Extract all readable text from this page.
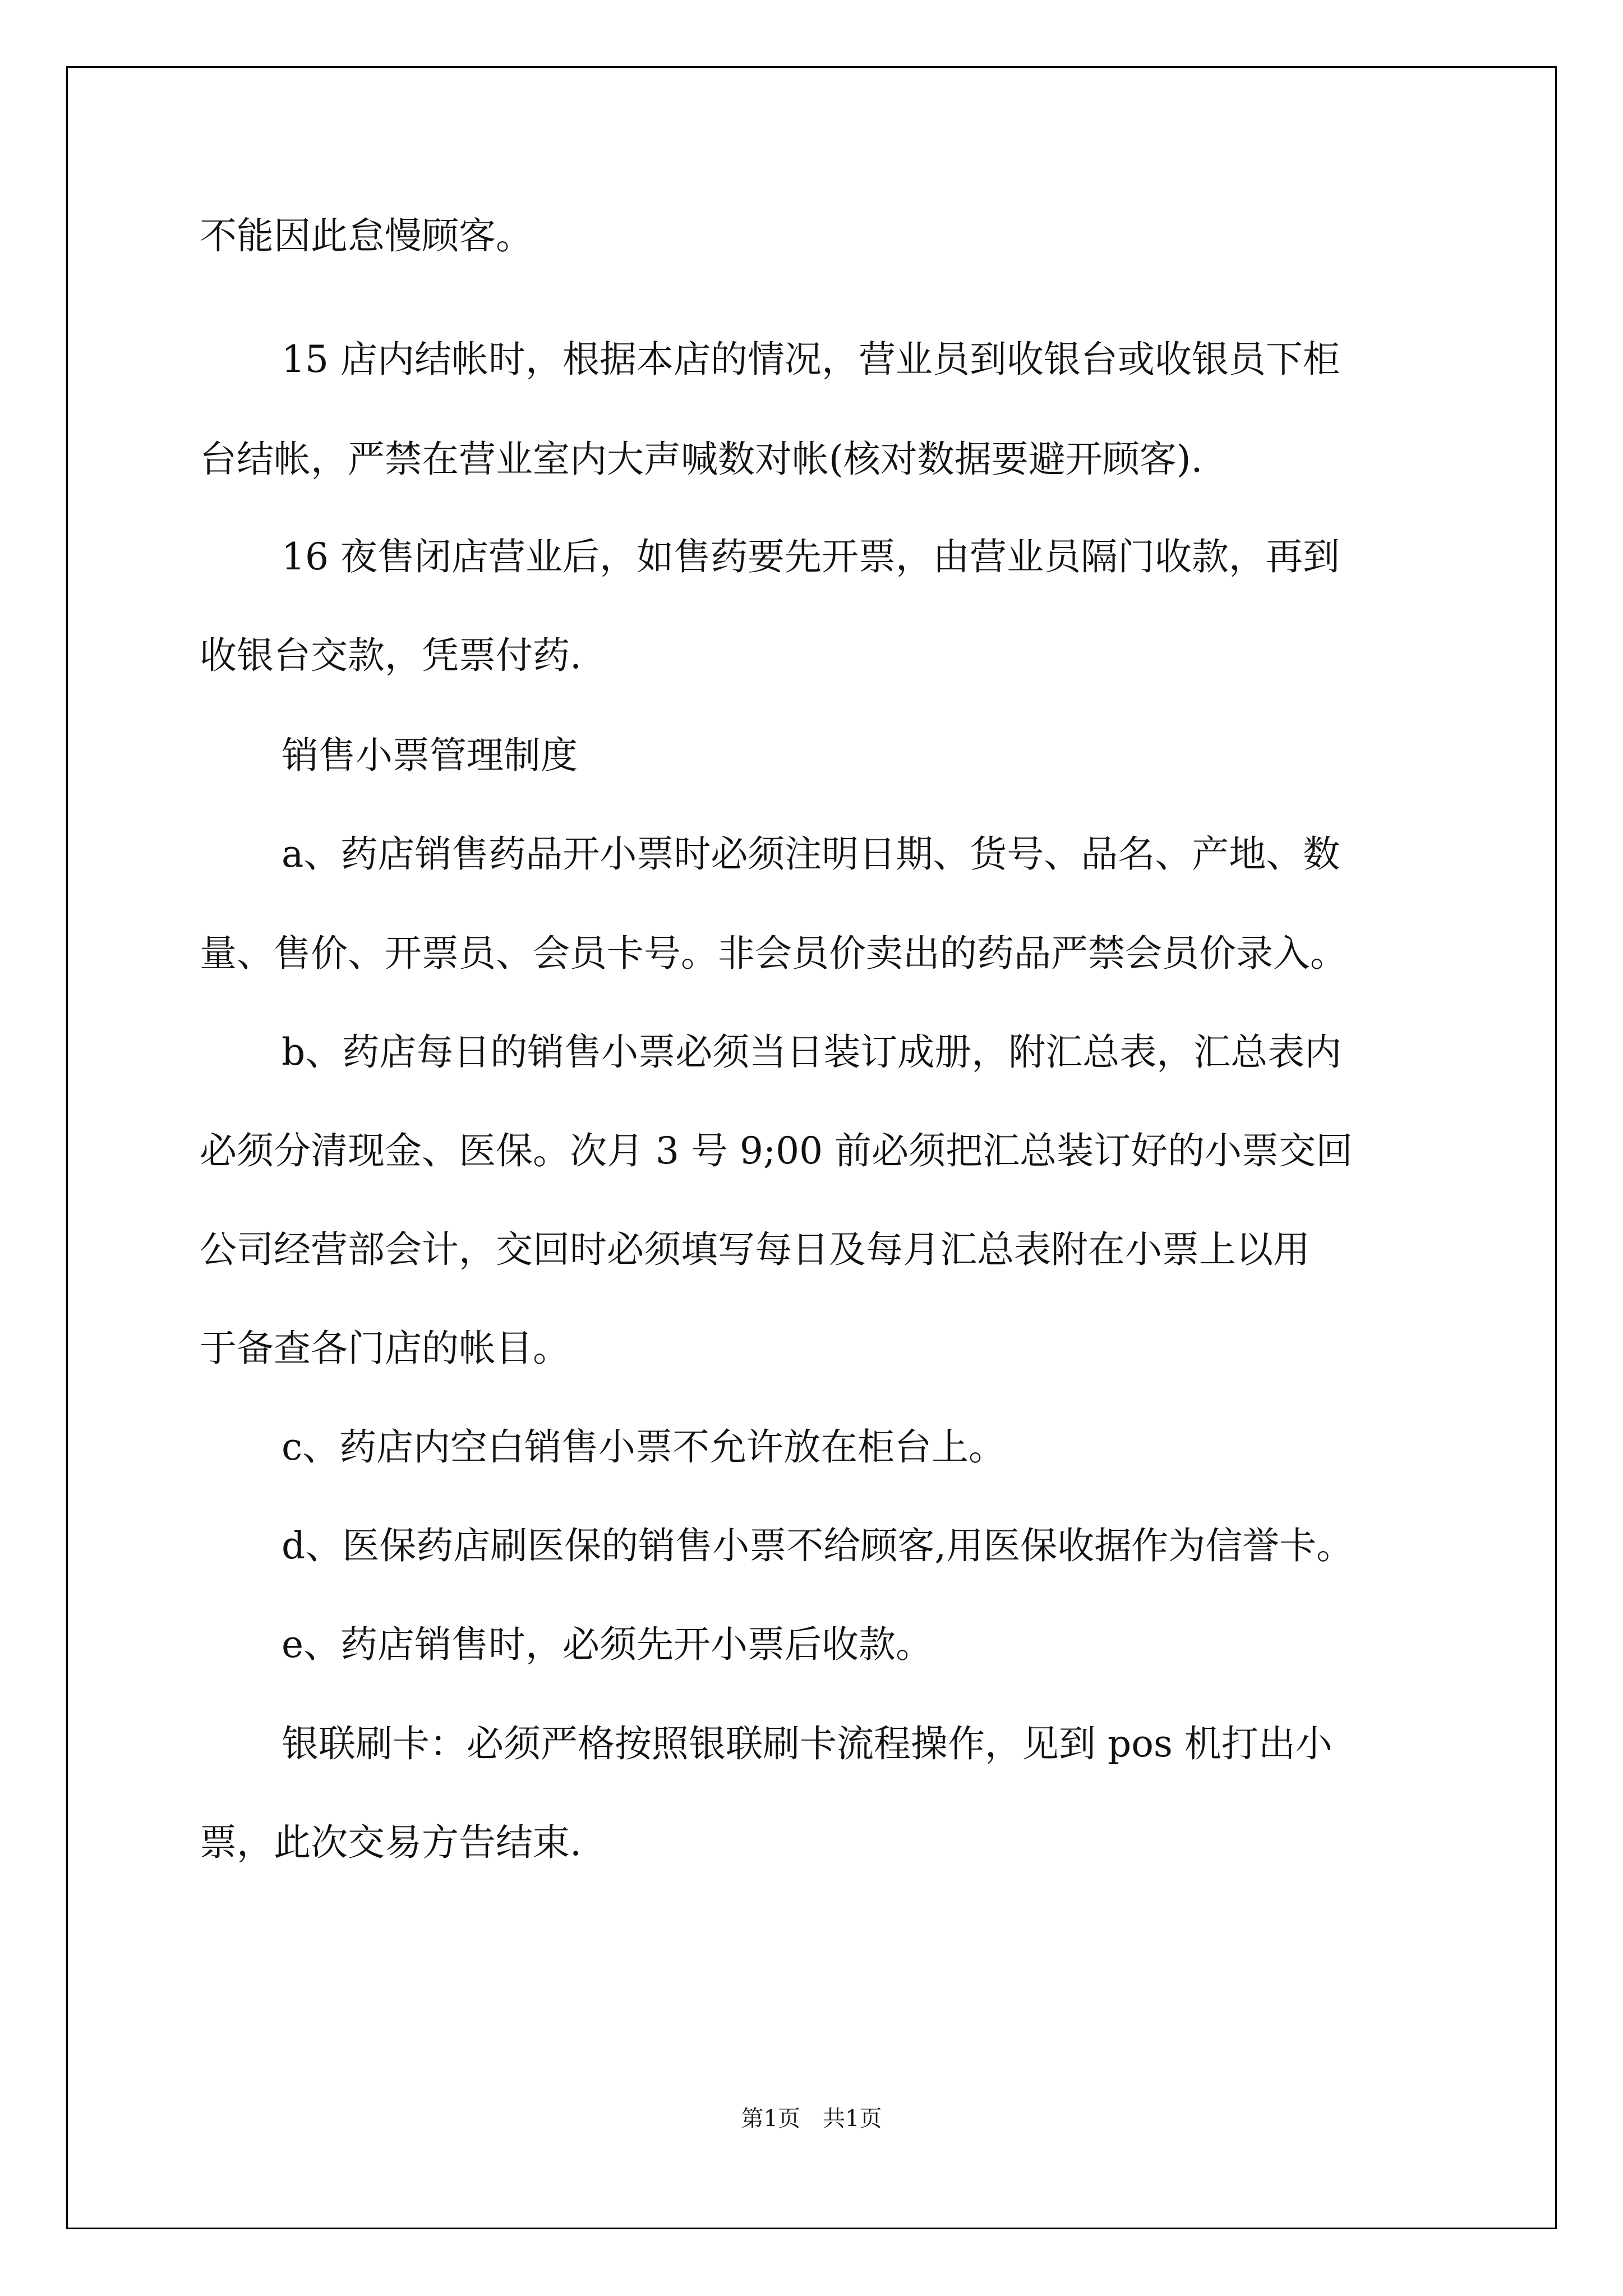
不能因此怠慢顾客。
15 店内结帐时，根据本店的情况，营业员到收银台或收银员下柜
台结帐，严禁在营业室内大声喊数对帐(核对数据要避开顾客).
16 夜售闭店营业后，如售药要先开票，由营业员隔门收款，再到
收银台交款，凭票付药.
销售小票管理制度
a、药店销售药品开小票时必须注明日期、货号、品名、产地、数
量、售价、开票员、会员卡号。非会员价卖出的药品严禁会员价录入。
b、药店每日的销售小票必须当日装订成册，附汇总表，汇总表内
必须分清现金、医保。次月 3 号 9;00 前必须把汇总装订好的小票交回
公司经营部会计，交回时必须填写每日及每月汇总表附在小票上以用
于备查各门店的帐目。
c、药店内空白销售小票不允许放在柜台上。
d、医保药店刷医保的销售小票不给顾客,用医保收据作为信誉卡。
e、药店销售时，必须先开小票后收款。
银联刷卡：必须严格按照银联刷卡流程操作，见到 pos 机打出小
票，此次交易方告结束.
第1页　共1页
